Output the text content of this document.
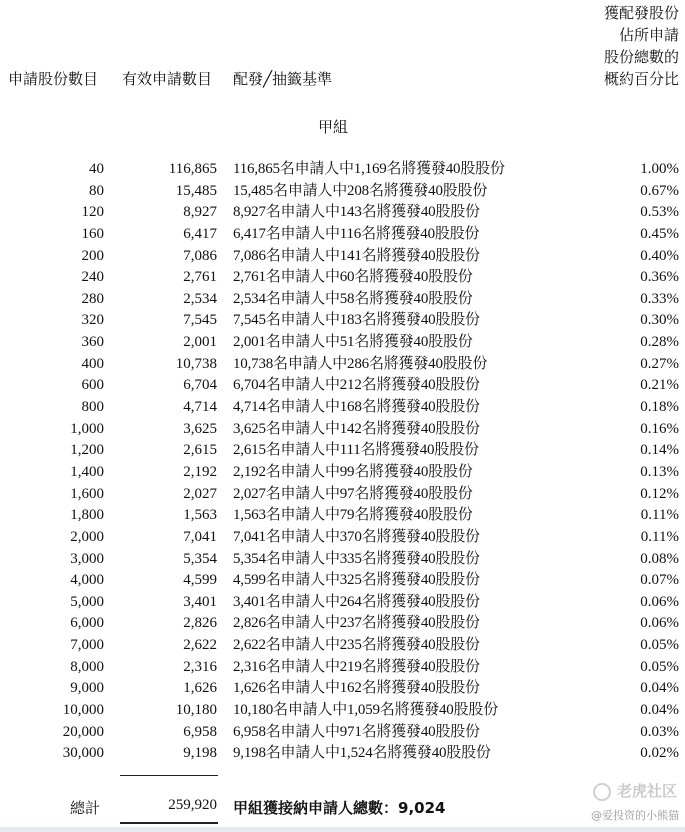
申請股份數目 有效申請數目 配發╱抽籤基準
獲配發股份
佔所申請
股份總數的
概約百分比
甲組
40	116,865 116,865名申請人中1,169名將獲發40股股份	1.00%
80	15,485 15,485名申請人中208名將獲發40股股份	0.67%
120	8,927 8,927名申請人中143名將獲發40股股份	0.53%
160	6,417 6,417名申請人中116名將獲發40股股份	0.45%
200	7,086 7,086名申請人中141名將獲發40股股份	0.40%
240	2,761 2,761名申請人中60名將獲發40股股份	0.36%
280	2,534 2,534名申請人中58名將獲發40股股份	0.33%
320	7,545 7,545名申請人中183名將獲發40股股份	0.30%
360	2,001 2,001名申請人中51名將獲發40股股份	0.28%
400	10,738 10,738名申請人中286名將獲發40股股份	0.27%
600	6,704 6,704名申請人中212名將獲發40股股份	0.21%
800	4,714 4,714名申請人中168名將獲發40股股份	0.18%
1,000	3,625 3,625名申請人中142名將獲發40股股份	0.16%
1,200	2,615 2,615名申請人中111名將獲發40股股份	0.14%
1,400	2,192 2,192名申請人中99名將獲發40股股份	0.13%
1,600	2,027 2,027名申請人中97名將獲發40股股份	0.12%
1,800	1,563 1,563名申請人中79名將獲發40股股份	0.11%
2,000	7,041 7,041名申請人中370名將獲發40股股份	0.11%
3,000	5,354 5,354名申請人中335名將獲發40股股份	0.08%
4,000	4,599 4,599名申請人中325名將獲發40股股份	0.07%
5,000	3,401 3,401名申請人中264名將獲發40股股份	0.06%
6,000	2,826 2,826名申請人中237名將獲發40股股份	0.06%
7,000	2,622 2,622名申請人中235名將獲發40股股份	0.05%
8,000	2,316 2,316名申請人中219名將獲發40股股份	0.05%
9,000	1,626 1,626名申請人中162名將獲發40股股份	0.04%
10,000	10,180 10,180名申請人中1,059名將獲發40股股份	0.04%
20,000	6,958 6,958名申請人中971名將獲發40股股份	0.03%
30,000	9,198 9,198名申請人中1,524名將獲發40股股份	0.02%
總計	259,920 甲組獲接納申請人總數：9,024
老虎社区
@爱投资的小熊猫
